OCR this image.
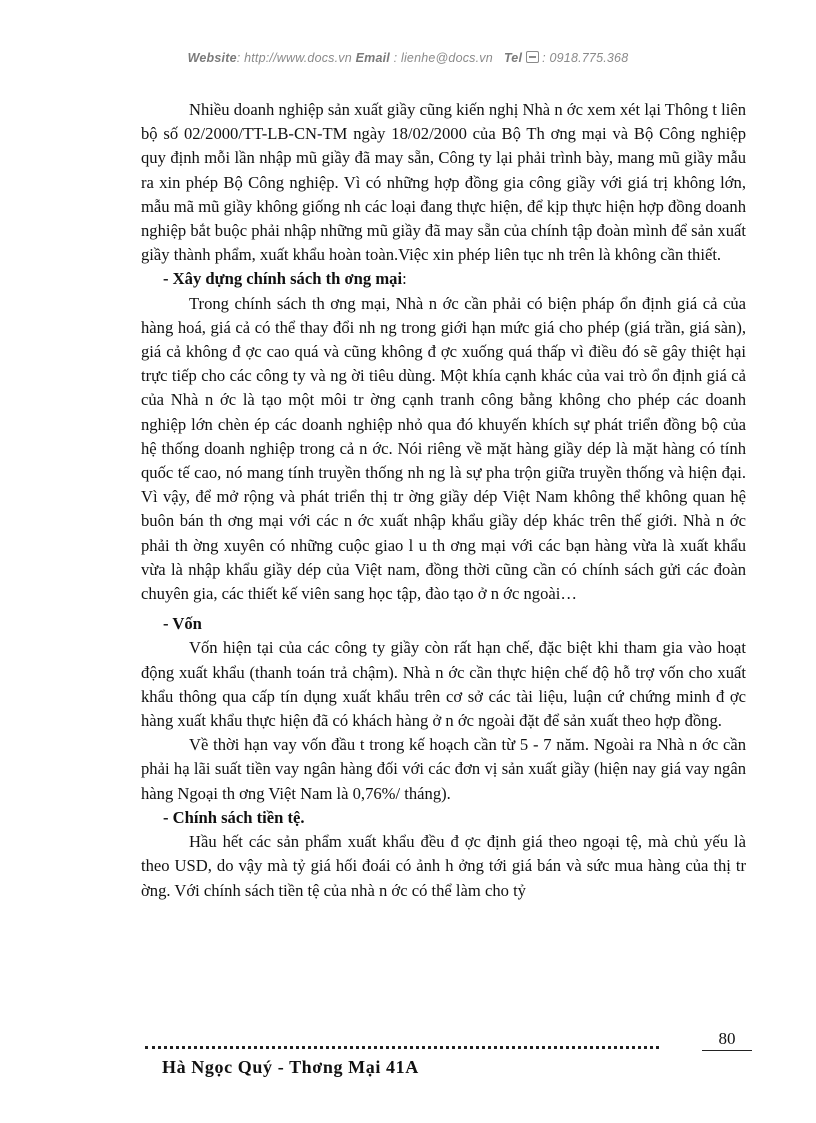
Website: http://www.docs.vn Email : lienhe@docs.vn Tel : 0918.775.368

Nhiều doanh nghiệp sản xuất giầy cũng kiến nghị Nhà n ớc xem xét lại Thông t liên bộ số 02/2000/TT-LB-CN-TM ngày 18/02/2000 của Bộ Th ơng mại và Bộ Công nghiệp quy định mỗi lần nhập mũ giầy đã may sẵn, Công ty lại phải trình bày, mang mũ giầy mẫu ra xin phép Bộ Công nghiệp. Vì có những hợp đồng gia công giầy với giá trị không lớn, mẫu mã mũ giầy không giống nh các loại đang thực hiện, để kịp thực hiện hợp đồng doanh nghiệp bắt buộc phải nhập những mũ giầy đã may sẵn của chính tập đoàn mình để sản xuất giầy thành phẩm, xuất khẩu hoàn toàn.Việc xin phép liên tục nh trên là không cần thiết.

- Xây dựng chính sách th ơng mại:

Trong chính sách th ơng mại, Nhà n ớc cần phải có biện pháp ổn định giá cả của hàng hoá, giá cả có thể thay đổi nh ng trong giới hạn mức giá cho phép (giá trần, giá sàn), giá cả không đ ợc cao quá và cũng không đ ợc xuống quá thấp vì điều đó sẽ gây thiệt hại trực tiếp cho các công ty và ng ời tiêu dùng. Một khía cạnh khác của vai trò ổn định giá cả của Nhà n ớc là tạo một môi tr ờng cạnh tranh công bằng không cho phép các doanh nghiệp lớn chèn ép các doanh nghiệp nhỏ qua đó khuyến khích sự phát triển đồng bộ của hệ thống doanh nghiệp trong cả n ớc. Nói riêng về mặt hàng giầy dép là mặt hàng có tính quốc tế cao, nó mang tính truyền thống nh ng là sự pha trộn giữa truyền thống và hiện đại. Vì vậy, để mở rộng và phát triển thị tr ờng giầy dép Việt Nam không thể không quan hệ buôn bán th ơng mại với các n ớc xuất nhập khẩu giầy dép khác trên thế giới. Nhà n ớc phải th ờng xuyên có những cuộc giao l u th ơng mại với các bạn hàng vừa là xuất khẩu vừa là nhập khẩu giầy dép của Việt nam, đồng thời cũng cần có chính sách gửi các đoàn chuyên gia, các thiết kế viên sang học tập, đào tạo ở n ớc ngoài…

- Vốn

Vốn hiện tại của các công ty giầy còn rất hạn chế, đặc biệt khi tham gia vào hoạt động xuất khẩu (thanh toán trả chậm). Nhà n ớc cần thực hiện chế độ hỗ trợ vốn cho xuất khẩu thông qua cấp tín dụng xuất khẩu trên cơ sở các tài liệu, luận cứ chứng minh đ ợc hàng xuất khẩu thực hiện đã có khách hàng ở n ớc ngoài đặt để sản xuất theo hợp đồng.

Về thời hạn vay vốn đầu t trong kế hoạch cần từ 5 - 7 năm. Ngoài ra Nhà n ớc cần phải hạ lãi suất tiền vay ngân hàng đối với các đơn vị sản xuất giầy (hiện nay giá vay ngân hàng Ngoại th ơng Việt Nam là 0,76%/ tháng).

- Chính sách tiền tệ.

Hầu hết các sản phẩm xuất khẩu đều đ ợc định giá theo ngoại tệ, mà chủ yếu là theo USD, do vậy mà tỷ giá hối đoái có ảnh h ởng tới giá bán và sức mua hàng của thị tr ờng. Với chính sách tiền tệ của nhà n ớc có thể làm cho tỷ

80
Hà Ngọc Quý - Thơng Mại 41A
